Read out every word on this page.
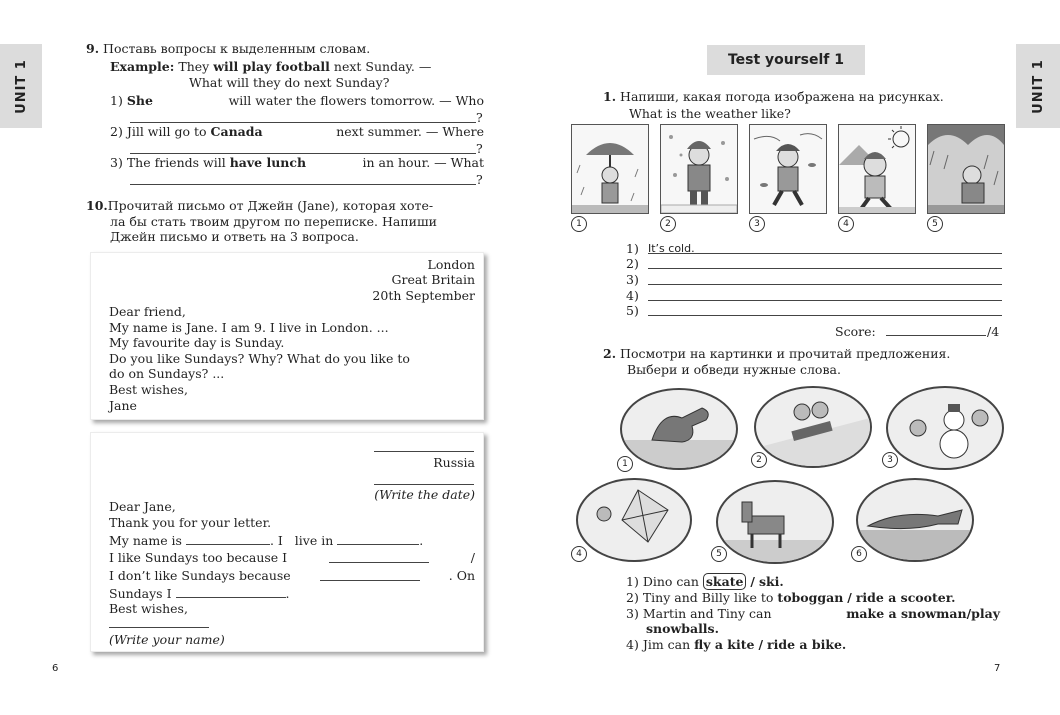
UNIT 1
9. Поставь вопросы к выделенным словам.
Example: They will play football next Sunday. —
What will they do next Sunday?
1) She	will water the flowers tomorrow. — Who
?
2) Jill will go to Canada	next summer. — Where
?
3) The friends will have lunch	in an hour. — What
?
10.Прочитай письмо от Джейн (Jane), которая хоте-
ла бы стать твоим другом по переписке. Напиши
Джейн письмо и ответь на 3 вопроса.
London
Great Britain
20th September
Dear friend,
My name is Jane. I am 9. I live in London. ...
My favourite day is Sunday.
Do you like Sundays? Why? What do you like to
do on Sundays? ...
Best wishes,
Jane
Russia
(Write the date)
Dear Jane,
Thank you for your letter.
My name is	. I live in	.
I like Sundays too because I	/
I don’t like Sundays because	. On
Sundays I	.
Best wishes,
(Write your name)
6
UNIT 1
Test yourself 1
1. Напиши, какая погода изображена на рисунках.
What is the weather like?
1	2	3	4	5
1) It’s cold.
2)
3)
4)
5)
Score:	/4
2. Посмотри на картинки и прочитай предложения.
Выбери и обведи нужные слова.
1	2	3
4	5	6
1) Dino can skate / ski.
2) Tiny and Billy like to toboggan / ride a scooter.
3) Martin and Tiny can	make a snowman/play
snowballs.
4) Jim can fly a kite / ride a bike.
7
